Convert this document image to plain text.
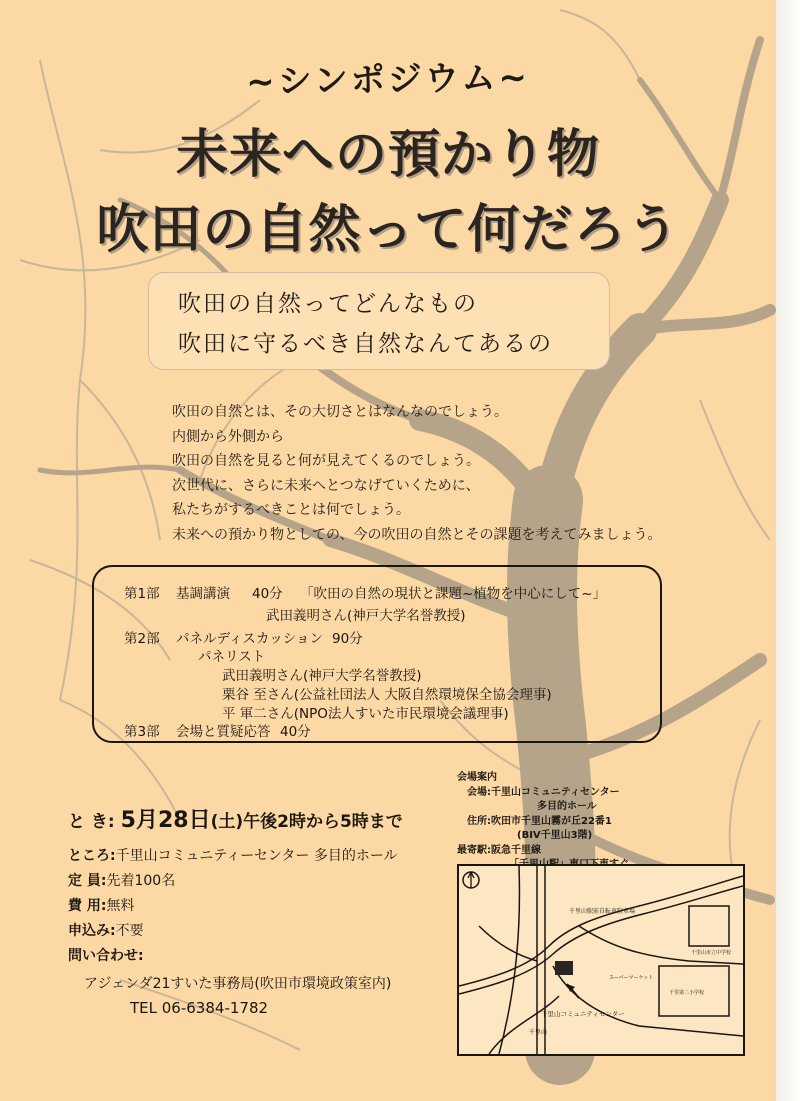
~シンポジウム~
未来への預かり物
吹田の自然って何だろう
吹田の自然ってどんなもの
吹田に守るべき自然なんてあるの
吹田の自然とは、その大切さとはなんなのでしょう。
内側から外側から
吹田の自然を見ると何が見えてくるのでしょう。
次世代に、さらに未来へとつなげていくために、
私たちがするべきことは何でしょう。
未来への預かり物としての、今の吹田の自然とその課題を考えてみましょう。
第1部 基調講演 40分 「吹田の自然の現状と課題~植物を中心にして~」
武田義明さん(神戸大学名誉教授)
第2部 パネルディスカッション 90分
パネリスト
武田義明さん(神戸大学名誉教授)
栗谷 至さん(公益社団法人 大阪自然環境保全協会理事)
平 軍二さん(NPO法人すいた市民環境会議理事)
第3部 会場と質疑応答 40分
会場案内
会場:千里山コミュニティセンター
多目的ホール
住所:吹田市千里山霧が丘22番1
(BIV千里山3階)
最寄駅:阪急千里線
と き: 5月28日(土)午後2時から5時まで
ところ:千里山コミュニティーセンター 多目的ホール
定 員:先着100名
費 用:無料
申込み:不要
問い合わせ:
アジェンダ21すいた事務局(吹田市環境政策室内)
TEL 06-6384-1782
千里山駅前自転車駐車場
千里山市立中学校
スーパーマーケット
千里第二小学校
千里山コミュニティセンター
千里山
